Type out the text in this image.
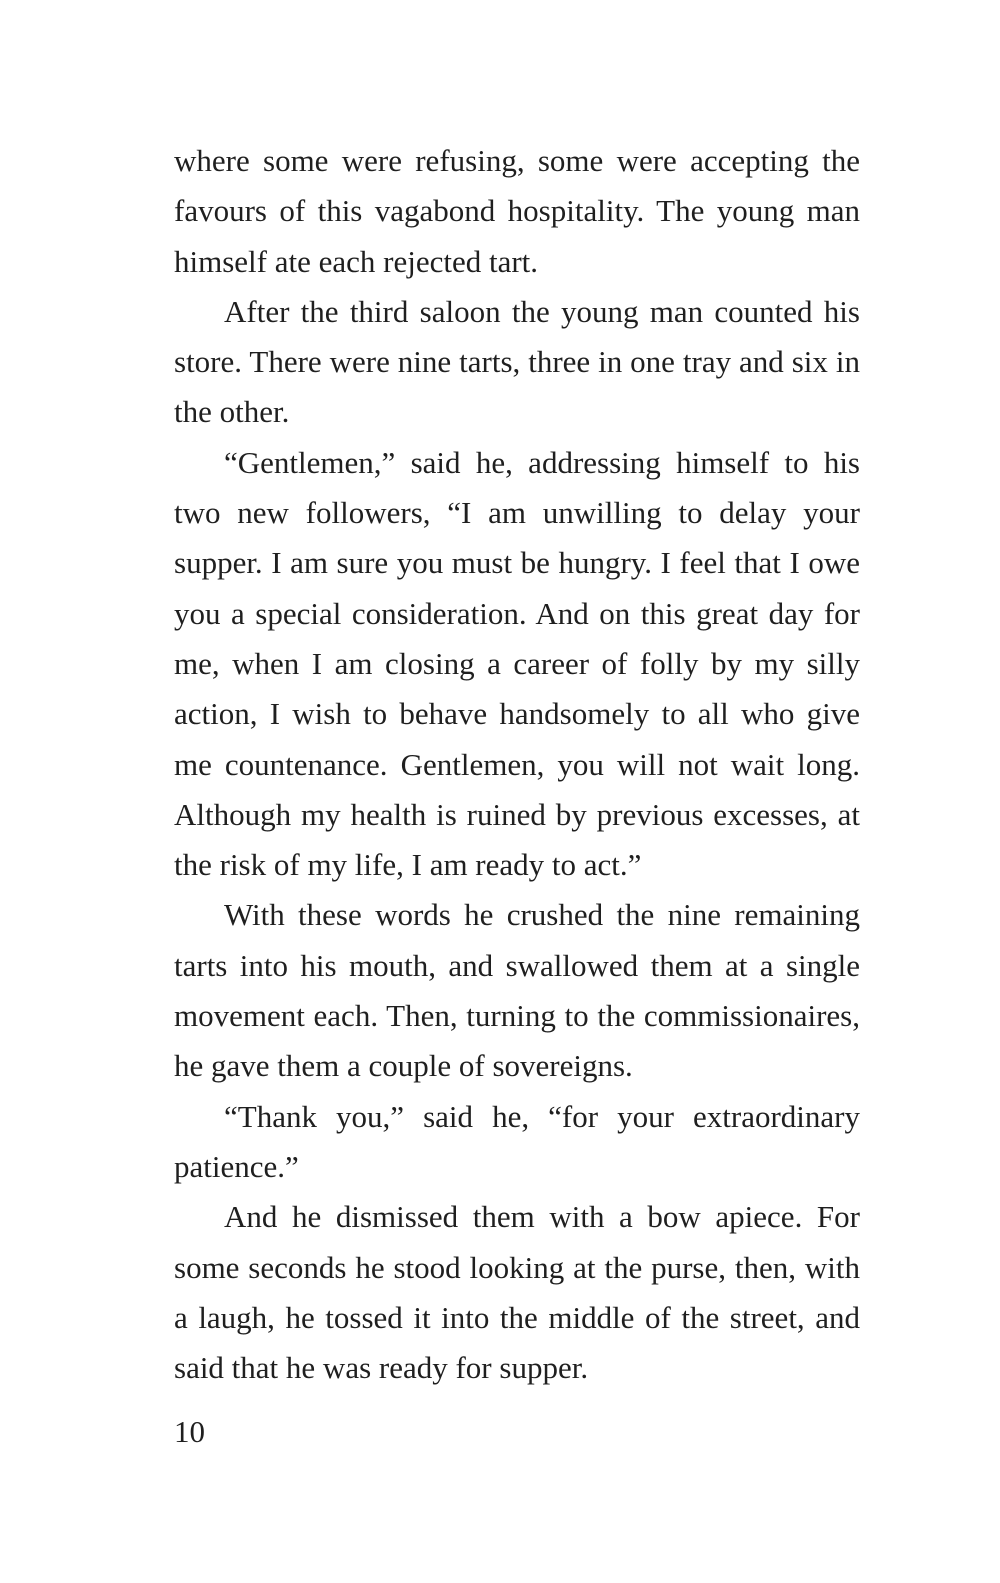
where some were refusing, some were accepting the favours of this vagabond hospitality. The young man himself ate each rejected tart.

After the third saloon the young man counted his store. There were nine tarts, three in one tray and six in the other.

“Gentlemen,” said he, addressing himself to his two new followers, “I am unwilling to delay your supper. I am sure you must be hungry. I feel that I owe you a special consideration. And on this great day for me, when I am closing a career of folly by my silly action, I wish to behave handsomely to all who give me countenance. Gentlemen, you will not wait long. Although my health is ruined by previous excesses, at the risk of my life, I am ready to act.”

With these words he crushed the nine remaining tarts into his mouth, and swallowed them at a single movement each. Then, turning to the commissionaires, he gave them a couple of sovereigns.

“Thank you,” said he, “for your extraordinary patience.”

And he dismissed them with a bow apiece. For some seconds he stood looking at the purse, then, with a laugh, he tossed it into the middle of the street, and said that he was ready for supper.

10
